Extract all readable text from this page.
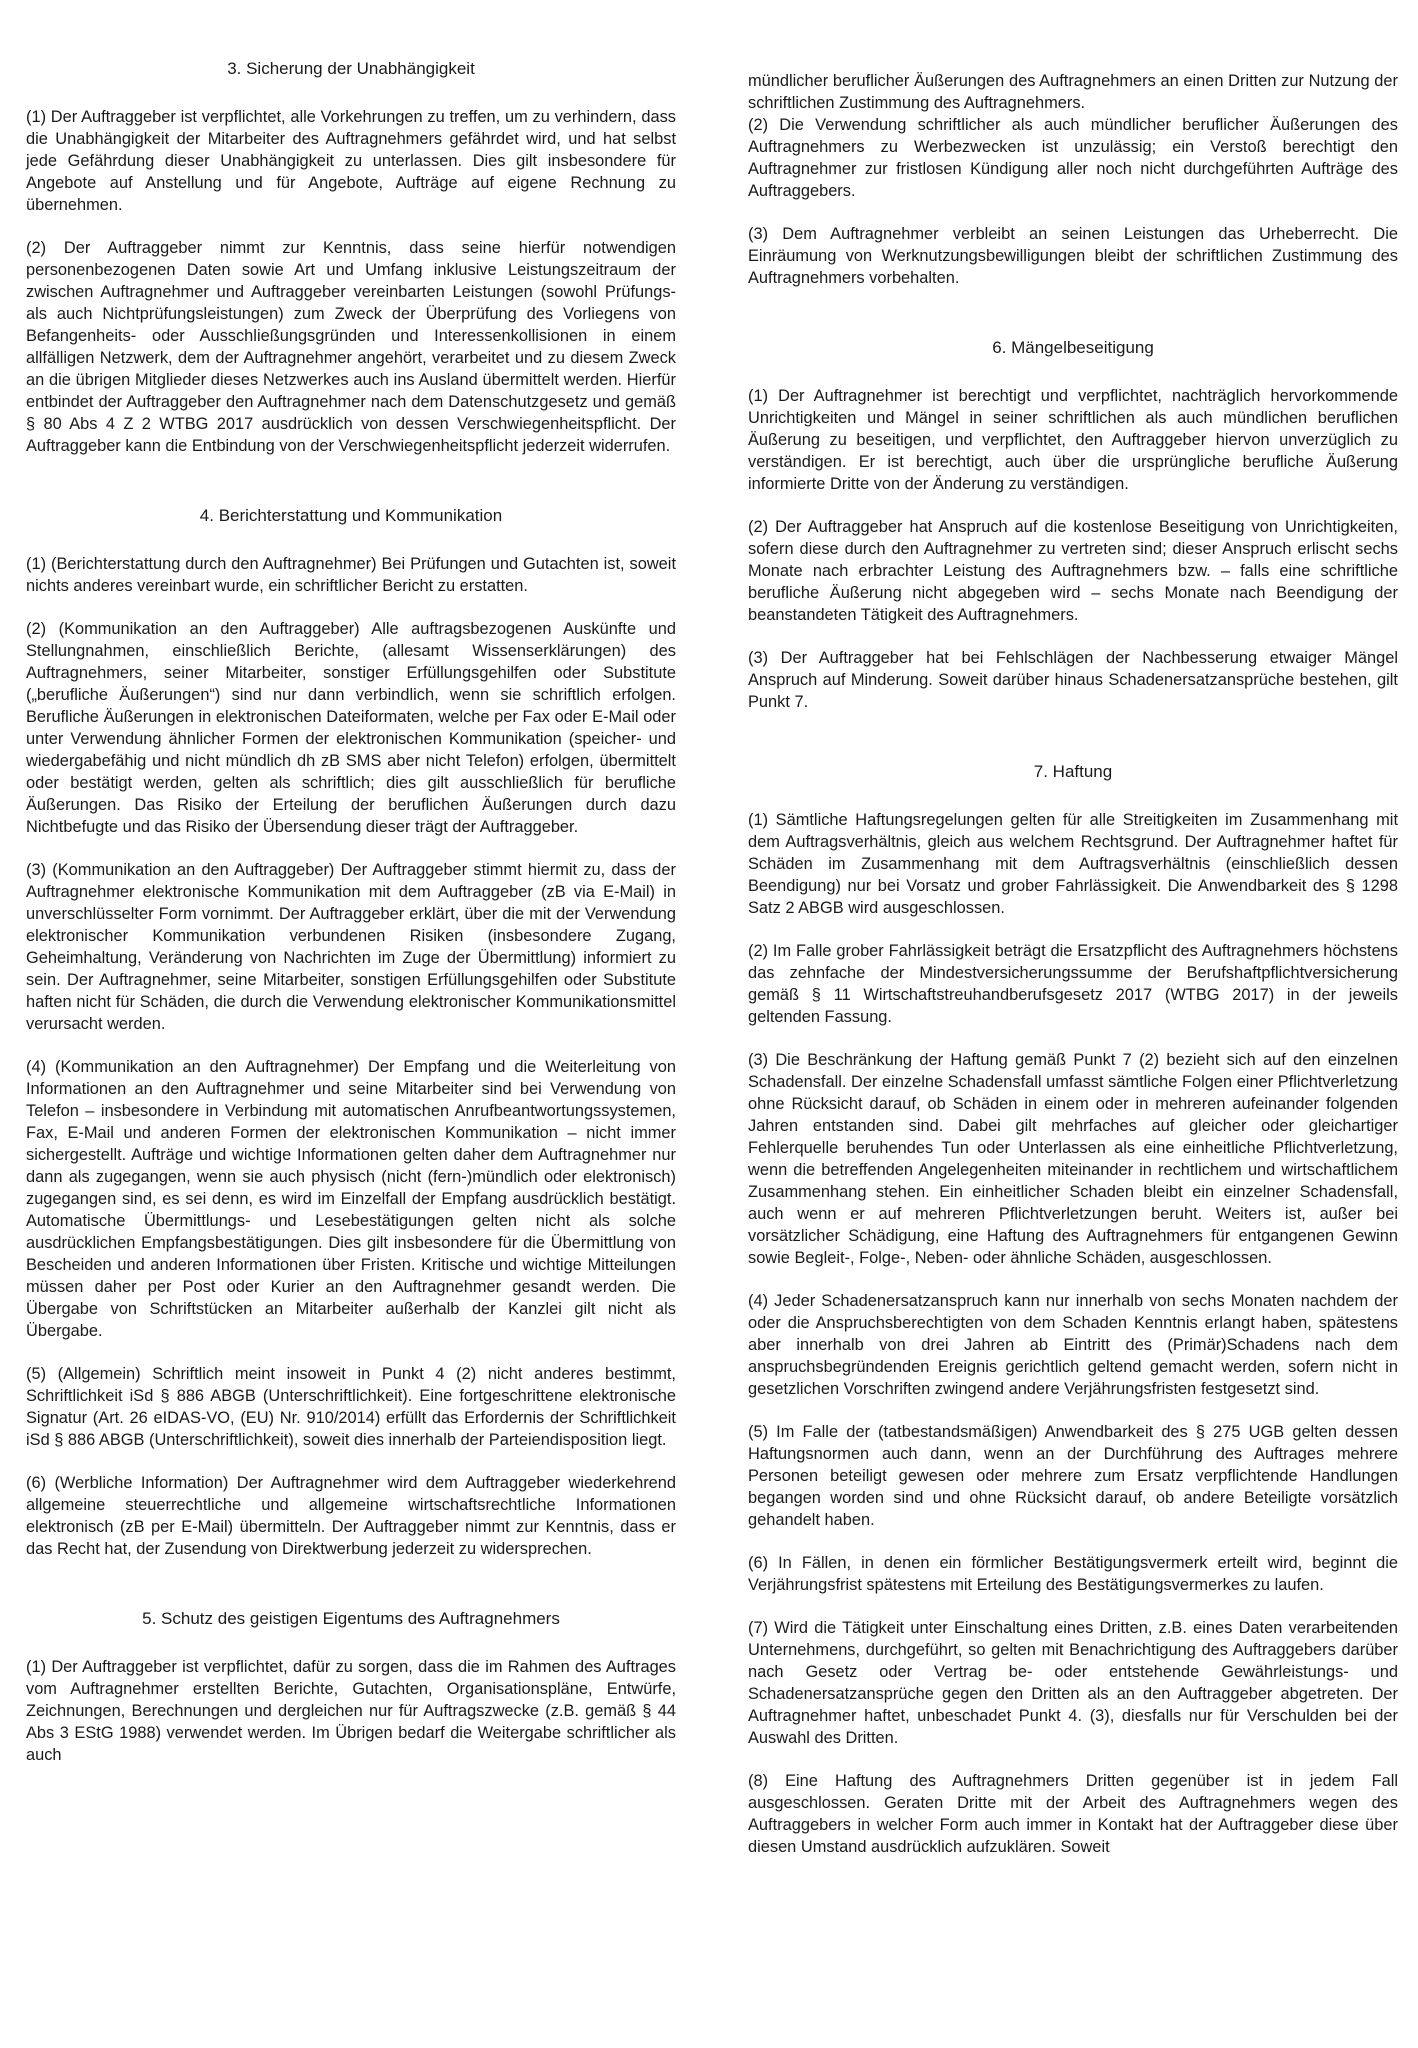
3. Sicherung der Unabhängigkeit

(1) Der Auftraggeber ist verpflichtet, alle Vorkehrungen zu treffen, um zu verhindern, dass die Unabhängigkeit der Mitarbeiter des Auftragnehmers gefährdet wird, und hat selbst jede Gefährdung dieser Unabhängigkeit zu unterlassen. Dies gilt insbesondere für Angebote auf Anstellung und für Angebote, Aufträge auf eigene Rechnung zu übernehmen.

(2) Der Auftraggeber nimmt zur Kenntnis, dass seine hierfür notwendigen personenbezogenen Daten sowie Art und Umfang inklusive Leistungszeitraum der zwischen Auftragnehmer und Auftraggeber vereinbarten Leistungen (sowohl Prüfungs- als auch Nichtprüfungsleistungen) zum Zweck der Überprüfung des Vorliegens von Befangenheits- oder Ausschließungsgründen und Interessenkollisionen in einem allfälligen Netzwerk, dem der Auftragnehmer angehört, verarbeitet und zu diesem Zweck an die übrigen Mitglieder dieses Netzwerkes auch ins Ausland übermittelt werden. Hierfür entbindet der Auftraggeber den Auftragnehmer nach dem Datenschutzgesetz und gemäß § 80 Abs 4 Z 2 WTBG 2017 ausdrücklich von dessen Verschwiegenheitspflicht. Der Auftraggeber kann die Entbindung von der Verschwiegenheitspflicht jederzeit widerrufen.

4. Berichterstattung und Kommunikation

(1) (Berichterstattung durch den Auftragnehmer) Bei Prüfungen und Gutachten ist, soweit nichts anderes vereinbart wurde, ein schriftlicher Bericht zu erstatten.

(2) (Kommunikation an den Auftraggeber) Alle auftragsbezogenen Auskünfte und Stellungnahmen, einschließlich Berichte, (allesamt Wissenserklärungen) des Auftragnehmers, seiner Mitarbeiter, sonstiger Erfüllungsgehilfen oder Substitute („berufliche Äußerungen“) sind nur dann verbindlich, wenn sie schriftlich erfolgen. Berufliche Äußerungen in elektronischen Dateiformaten, welche per Fax oder E-Mail oder unter Verwendung ähnlicher Formen der elektronischen Kommunikation (speicher- und wiedergabefähig und nicht mündlich dh zB SMS aber nicht Telefon) erfolgen, übermittelt oder bestätigt werden, gelten als schriftlich; dies gilt ausschließlich für berufliche Äußerungen. Das Risiko der Erteilung der beruflichen Äußerungen durch dazu Nichtbefugte und das Risiko der Übersendung dieser trägt der Auftraggeber.

(3) (Kommunikation an den Auftraggeber) Der Auftraggeber stimmt hiermit zu, dass der Auftragnehmer elektronische Kommunikation mit dem Auftraggeber (zB via E-Mail) in unverschlüsselter Form vornimmt. Der Auftraggeber erklärt, über die mit der Verwendung elektronischer Kommunikation verbundenen Risiken (insbesondere Zugang, Geheimhaltung, Veränderung von Nachrichten im Zuge der Übermittlung) informiert zu sein. Der Auftragnehmer, seine Mitarbeiter, sonstigen Erfüllungsgehilfen oder Substitute haften nicht für Schäden, die durch die Verwendung elektronischer Kommunikationsmittel verursacht werden.

(4) (Kommunikation an den Auftragnehmer) Der Empfang und die Weiterleitung von Informationen an den Auftragnehmer und seine Mitarbeiter sind bei Verwendung von Telefon – insbesondere in Verbindung mit automatischen Anrufbeantwortungssystemen, Fax, E-Mail und anderen Formen der elektronischen Kommunikation – nicht immer sichergestellt. Aufträge und wichtige Informationen gelten daher dem Auftragnehmer nur dann als zugegangen, wenn sie auch physisch (nicht (fern-)mündlich oder elektronisch) zugegangen sind, es sei denn, es wird im Einzelfall der Empfang ausdrücklich bestätigt. Automatische Übermittlungs- und Lesebestätigungen gelten nicht als solche ausdrücklichen Empfangsbestätigungen. Dies gilt insbesondere für die Übermittlung von Bescheiden und anderen Informationen über Fristen. Kritische und wichtige Mitteilungen müssen daher per Post oder Kurier an den Auftragnehmer gesandt werden. Die Übergabe von Schriftstücken an Mitarbeiter außerhalb der Kanzlei gilt nicht als Übergabe.

(5) (Allgemein) Schriftlich meint insoweit in Punkt 4 (2) nicht anderes bestimmt, Schriftlichkeit iSd § 886 ABGB (Unterschriftlichkeit). Eine fortgeschrittene elektronische Signatur (Art. 26 eIDAS-VO, (EU) Nr. 910/2014) erfüllt das Erfordernis der Schriftlichkeit iSd § 886 ABGB (Unterschriftlichkeit), soweit dies innerhalb der Parteiendisposition liegt.

(6) (Werbliche Information) Der Auftragnehmer wird dem Auftraggeber wiederkehrend allgemeine steuerrechtliche und allgemeine wirtschaftsrechtliche Informationen elektronisch (zB per E-Mail) übermitteln. Der Auftraggeber nimmt zur Kenntnis, dass er das Recht hat, der Zusendung von Direktwerbung jederzeit zu widersprechen.

5. Schutz des geistigen Eigentums des Auftragnehmers

(1) Der Auftraggeber ist verpflichtet, dafür zu sorgen, dass die im Rahmen des Auftrages vom Auftragnehmer erstellten Berichte, Gutachten, Organisationspläne, Entwürfe, Zeichnungen, Berechnungen und dergleichen nur für Auftragszwecke (z.B. gemäß § 44 Abs 3 EStG 1988) verwendet werden. Im Übrigen bedarf die Weitergabe schriftlicher als auch

mündlicher beruflicher Äußerungen des Auftragnehmers an einen Dritten zur Nutzung der schriftlichen Zustimmung des Auftragnehmers.

(2) Die Verwendung schriftlicher als auch mündlicher beruflicher Äußerungen des Auftragnehmers zu Werbezwecken ist unzulässig; ein Verstoß berechtigt den Auftragnehmer zur fristlosen Kündigung aller noch nicht durchgeführten Aufträge des Auftraggebers.

(3) Dem Auftragnehmer verbleibt an seinen Leistungen das Urheberrecht. Die Einräumung von Werknutzungsbewilligungen bleibt der schriftlichen Zustimmung des Auftragnehmers vorbehalten.

6. Mängelbeseitigung

(1) Der Auftragnehmer ist berechtigt und verpflichtet, nachträglich hervorkommende Unrichtigkeiten und Mängel in seiner schriftlichen als auch mündlichen beruflichen Äußerung zu beseitigen, und verpflichtet, den Auftraggeber hiervon unverzüglich zu verständigen. Er ist berechtigt, auch über die ursprüngliche berufliche Äußerung informierte Dritte von der Änderung zu verständigen.

(2) Der Auftraggeber hat Anspruch auf die kostenlose Beseitigung von Unrichtigkeiten, sofern diese durch den Auftragnehmer zu vertreten sind; dieser Anspruch erlischt sechs Monate nach erbrachter Leistung des Auftragnehmers bzw. – falls eine schriftliche berufliche Äußerung nicht abgegeben wird – sechs Monate nach Beendigung der beanstandeten Tätigkeit des Auftragnehmers.

(3) Der Auftraggeber hat bei Fehlschlägen der Nachbesserung etwaiger Mängel Anspruch auf Minderung. Soweit darüber hinaus Schadenersatzansprüche bestehen, gilt Punkt 7.

7. Haftung

(1) Sämtliche Haftungsregelungen gelten für alle Streitigkeiten im Zusammenhang mit dem Auftragsverhältnis, gleich aus welchem Rechtsgrund. Der Auftragnehmer haftet für Schäden im Zusammenhang mit dem Auftragsverhältnis (einschließlich dessen Beendigung) nur bei Vorsatz und grober Fahrlässigkeit. Die Anwendbarkeit des § 1298 Satz 2 ABGB wird ausgeschlossen.

(2) Im Falle grober Fahrlässigkeit beträgt die Ersatzpflicht des Auftragnehmers höchstens das zehnfache der Mindestversicherungssumme der Berufshaftpflichtversicherung gemäß § 11 Wirtschaftstreuhandberufsgesetz 2017 (WTBG 2017) in der jeweils geltenden Fassung.

(3) Die Beschränkung der Haftung gemäß Punkt 7 (2) bezieht sich auf den einzelnen Schadensfall. Der einzelne Schadensfall umfasst sämtliche Folgen einer Pflichtverletzung ohne Rücksicht darauf, ob Schäden in einem oder in mehreren aufeinander folgenden Jahren entstanden sind. Dabei gilt mehrfaches auf gleicher oder gleichartiger Fehlerquelle beruhendes Tun oder Unterlassen als eine einheitliche Pflichtverletzung, wenn die betreffenden Angelegenheiten miteinander in rechtlichem und wirtschaftlichem Zusammenhang stehen. Ein einheitlicher Schaden bleibt ein einzelner Schadensfall, auch wenn er auf mehreren Pflichtverletzungen beruht. Weiters ist, außer bei vorsätzlicher Schädigung, eine Haftung des Auftragnehmers für entgangenen Gewinn sowie Begleit-, Folge-, Neben- oder ähnliche Schäden, ausgeschlossen.

(4) Jeder Schadenersatzanspruch kann nur innerhalb von sechs Monaten nachdem der oder die Anspruchsberechtigten von dem Schaden Kenntnis erlangt haben, spätestens aber innerhalb von drei Jahren ab Eintritt des (Primär)Schadens nach dem anspruchsbegründenden Ereignis gerichtlich geltend gemacht werden, sofern nicht in gesetzlichen Vorschriften zwingend andere Verjährungsfristen festgesetzt sind.

(5) Im Falle der (tatbestandsmäßigen) Anwendbarkeit des § 275 UGB gelten dessen Haftungsnormen auch dann, wenn an der Durchführung des Auftrages mehrere Personen beteiligt gewesen oder mehrere zum Ersatz verpflichtende Handlungen begangen worden sind und ohne Rücksicht darauf, ob andere Beteiligte vorsätzlich gehandelt haben.

(6) In Fällen, in denen ein förmlicher Bestätigungsvermerk erteilt wird, beginnt die Verjährungsfrist spätestens mit Erteilung des Bestätigungsvermerkes zu laufen.

(7) Wird die Tätigkeit unter Einschaltung eines Dritten, z.B. eines Daten verarbeitenden Unternehmens, durchgeführt, so gelten mit Benachrichtigung des Auftraggebers darüber nach Gesetz oder Vertrag be- oder entstehende Gewährleistungs- und Schadenersatzansprüche gegen den Dritten als an den Auftraggeber abgetreten. Der Auftragnehmer haftet, unbeschadet Punkt 4. (3), diesfalls nur für Verschulden bei der Auswahl des Dritten.

(8) Eine Haftung des Auftragnehmers Dritten gegenüber ist in jedem Fall ausgeschlossen. Geraten Dritte mit der Arbeit des Auftragnehmers wegen des Auftraggebers in welcher Form auch immer in Kontakt hat der Auftraggeber diese über diesen Umstand ausdrücklich aufzuklären. Soweit
